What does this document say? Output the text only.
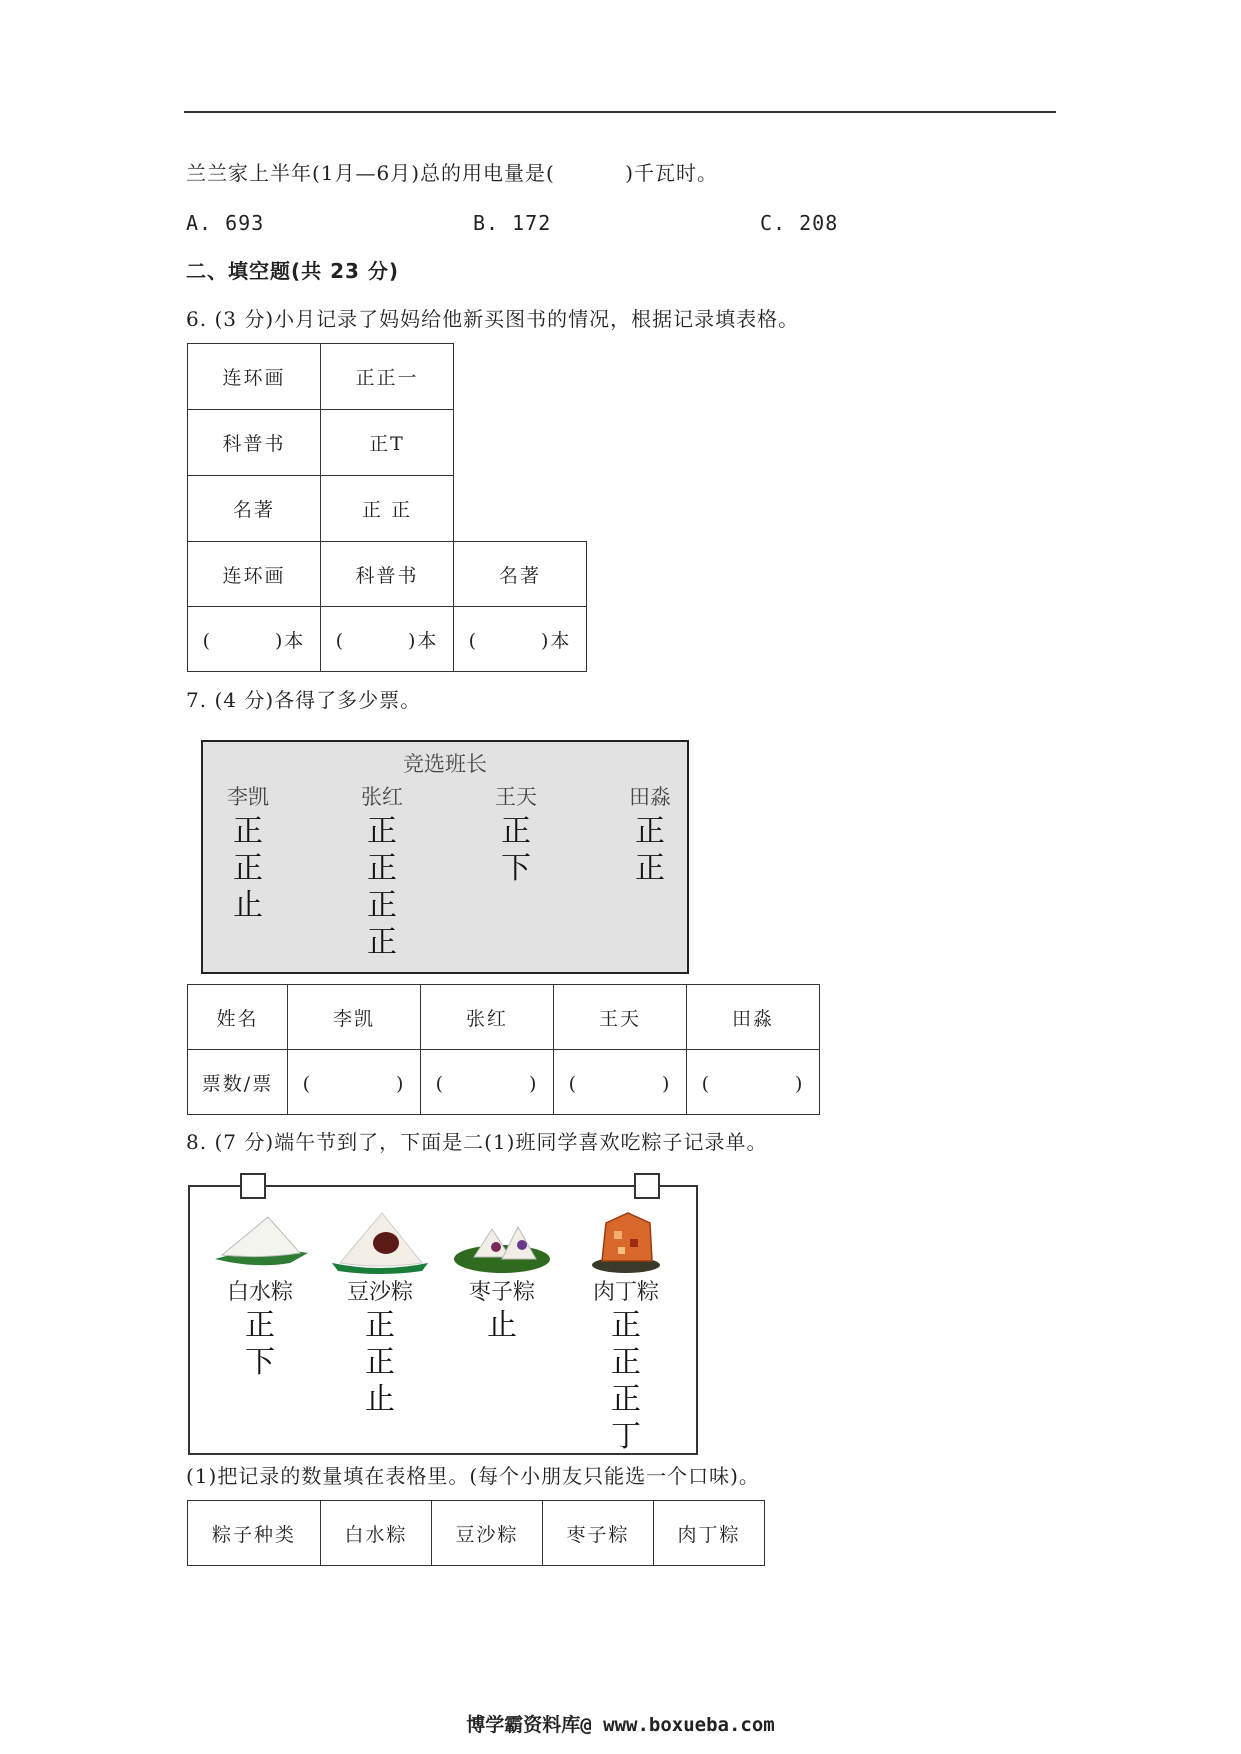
兰兰家上半年(1月—6月)总的用电量是(　　　 )千瓦时。
A. 693	B. 172	C. 208
二、填空题(共 23 分)
6. (3 分)小月记录了妈妈给他新买图书的情况，根据记录填表格。
连环画	正正一
科普书	正T
名著	正 正
连环画	科普书	名著
(　　　)本	(　　　)本	(　　　)本
7. (4 分)各得了多少票。
竞选班长
李凯
正
正
止
张红
正
正
正
正
王天
正
下
田淼
正
正
姓名	李凯	张红	王天	田淼
票数/票	(　　　　)	(　　　　)	(　　　　)	(　　　　)
8. (7 分)端午节到了，下面是二(1)班同学喜欢吃粽子记录单。
白水粽
正
下
豆沙粽
正
正
止
枣子粽
止
肉丁粽
正
正
正
丁
(1)把记录的数量填在表格里。(每个小朋友只能选一个口味)。
粽子种类	白水粽	豆沙粽	枣子粽	肉丁粽
博学霸资料库@ www.boxueba.com
